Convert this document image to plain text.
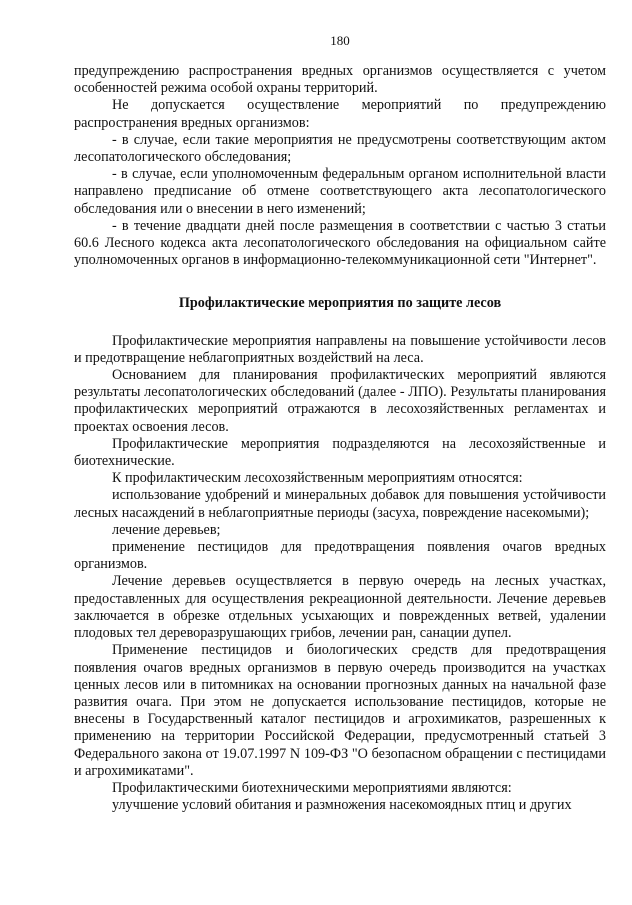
180

предупреждению распространения вредных организмов осуществляется с учетом особенностей режима особой охраны территорий.

Не допускается осуществление мероприятий по предупреждению распространения вредных организмов:

- в случае, если такие мероприятия не предусмотрены соответствующим актом лесопатологического обследования;

- в случае, если уполномоченным федеральным органом исполнительной власти направлено предписание об отмене соответствующего акта лесопатологического обследования или о внесении в него изменений;

- в течение двадцати дней после размещения в соответствии с частью 3 статьи 60.6 Лесного кодекса акта лесопатологического обследования на официальном сайте уполномоченных органов в информационно-телекоммуникационной сети "Интернет".

Профилактические мероприятия по защите лесов

Профилактические мероприятия направлены на повышение устойчивости лесов и предотвращение неблагоприятных воздействий на леса.

Основанием для планирования профилактических мероприятий являются результаты лесопатологических обследований (далее - ЛПО). Результаты планирования профилактических мероприятий отражаются в лесохозяйственных регламентах и проектах освоения лесов.

Профилактические мероприятия подразделяются на лесохозяйственные и биотехнические.

К профилактическим лесохозяйственным мероприятиям относятся:

использование удобрений и минеральных добавок для повышения устойчивости лесных насаждений в неблагоприятные периоды (засуха, повреждение насекомыми);

лечение деревьев;

применение пестицидов для предотвращения появления очагов вредных организмов.

Лечение деревьев осуществляется в первую очередь на лесных участках, предоставленных для осуществления рекреационной деятельности. Лечение деревьев заключается в обрезке отдельных усыхающих и поврежденных ветвей, удалении плодовых тел дереворазрушающих грибов, лечении ран, санации дупел.

Применение пестицидов и биологических средств для предотвращения появления очагов вредных организмов в первую очередь производится на участках ценных лесов или в питомниках на основании прогнозных данных на начальной фазе развития очага. При этом не допускается использование пестицидов, которые не внесены в Государственный каталог пестицидов и агрохимикатов, разрешенных к применению на территории Российской Федерации, предусмотренный статьей 3 Федерального закона от 19.07.1997 N 109-ФЗ "О безопасном обращении с пестицидами и агрохимикатами".

Профилактическими биотехническими мероприятиями являются:

улучшение условий обитания и размножения насекомоядных птиц и других
